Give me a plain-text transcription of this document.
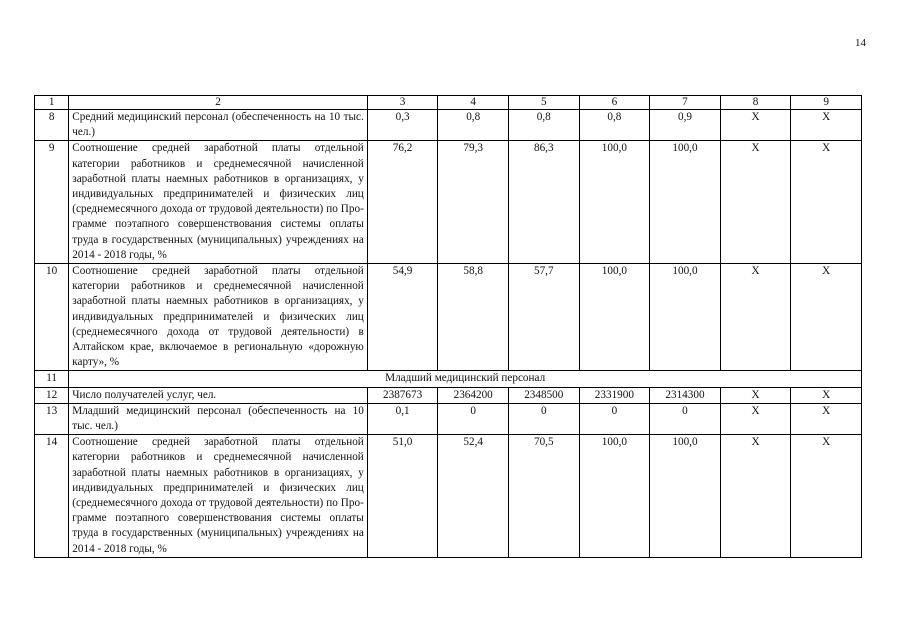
14
1	2	3	4	5	6	7	8	9
8	Средний медицинский персонал (обеспеченность на 10 тыс. чел.)	0,3	0,8	0,8	0,8	0,9	X	X
9	Соотношение средней заработной платы отдельной категории работников и среднемесячной начисленной заработной платы наемных работников в организациях, у индивидуальных предпринимателей и физических лиц (среднемесячного дохода от трудовой деятельности) по Программе поэтапного совершенствования системы оплаты труда в государственных (муниципальных) учреждениях на 2014 - 2018 годы, %	76,2	79,3	86,3	100,0	100,0	X	X
10	Соотношение средней заработной платы отдельной категории работников и среднемесячной начисленной заработной платы наемных работников в организациях, у индивидуальных предпринимателей и физических лиц (среднемесячного дохода от трудовой деятельности) в Алтайском крае, включаемое в региональную «дорожную карту», %	54,9	58,8	57,7	100,0	100,0	X	X
11	Младший медицинский персонал							
12	Число получателей услуг, чел.	2387673	2364200	2348500	2331900	2314300	X	X
13	Младший медицинский персонал (обеспеченность на 10 тыс. чел.)	0,1	0	0	0	0	X	X
14	Соотношение средней заработной платы отдельной категории работников и среднемесячной начисленной заработной платы наемных работников в организациях, у индивидуальных предпринимателей и физических лиц (среднемесячного дохода от трудовой деятельности) по Программе поэтапного совершенствования системы оплаты труда в государственных (муниципальных) учреждениях на 2014 - 2018 годы, %	51,0	52,4	70,5	100,0	100,0	X	X
